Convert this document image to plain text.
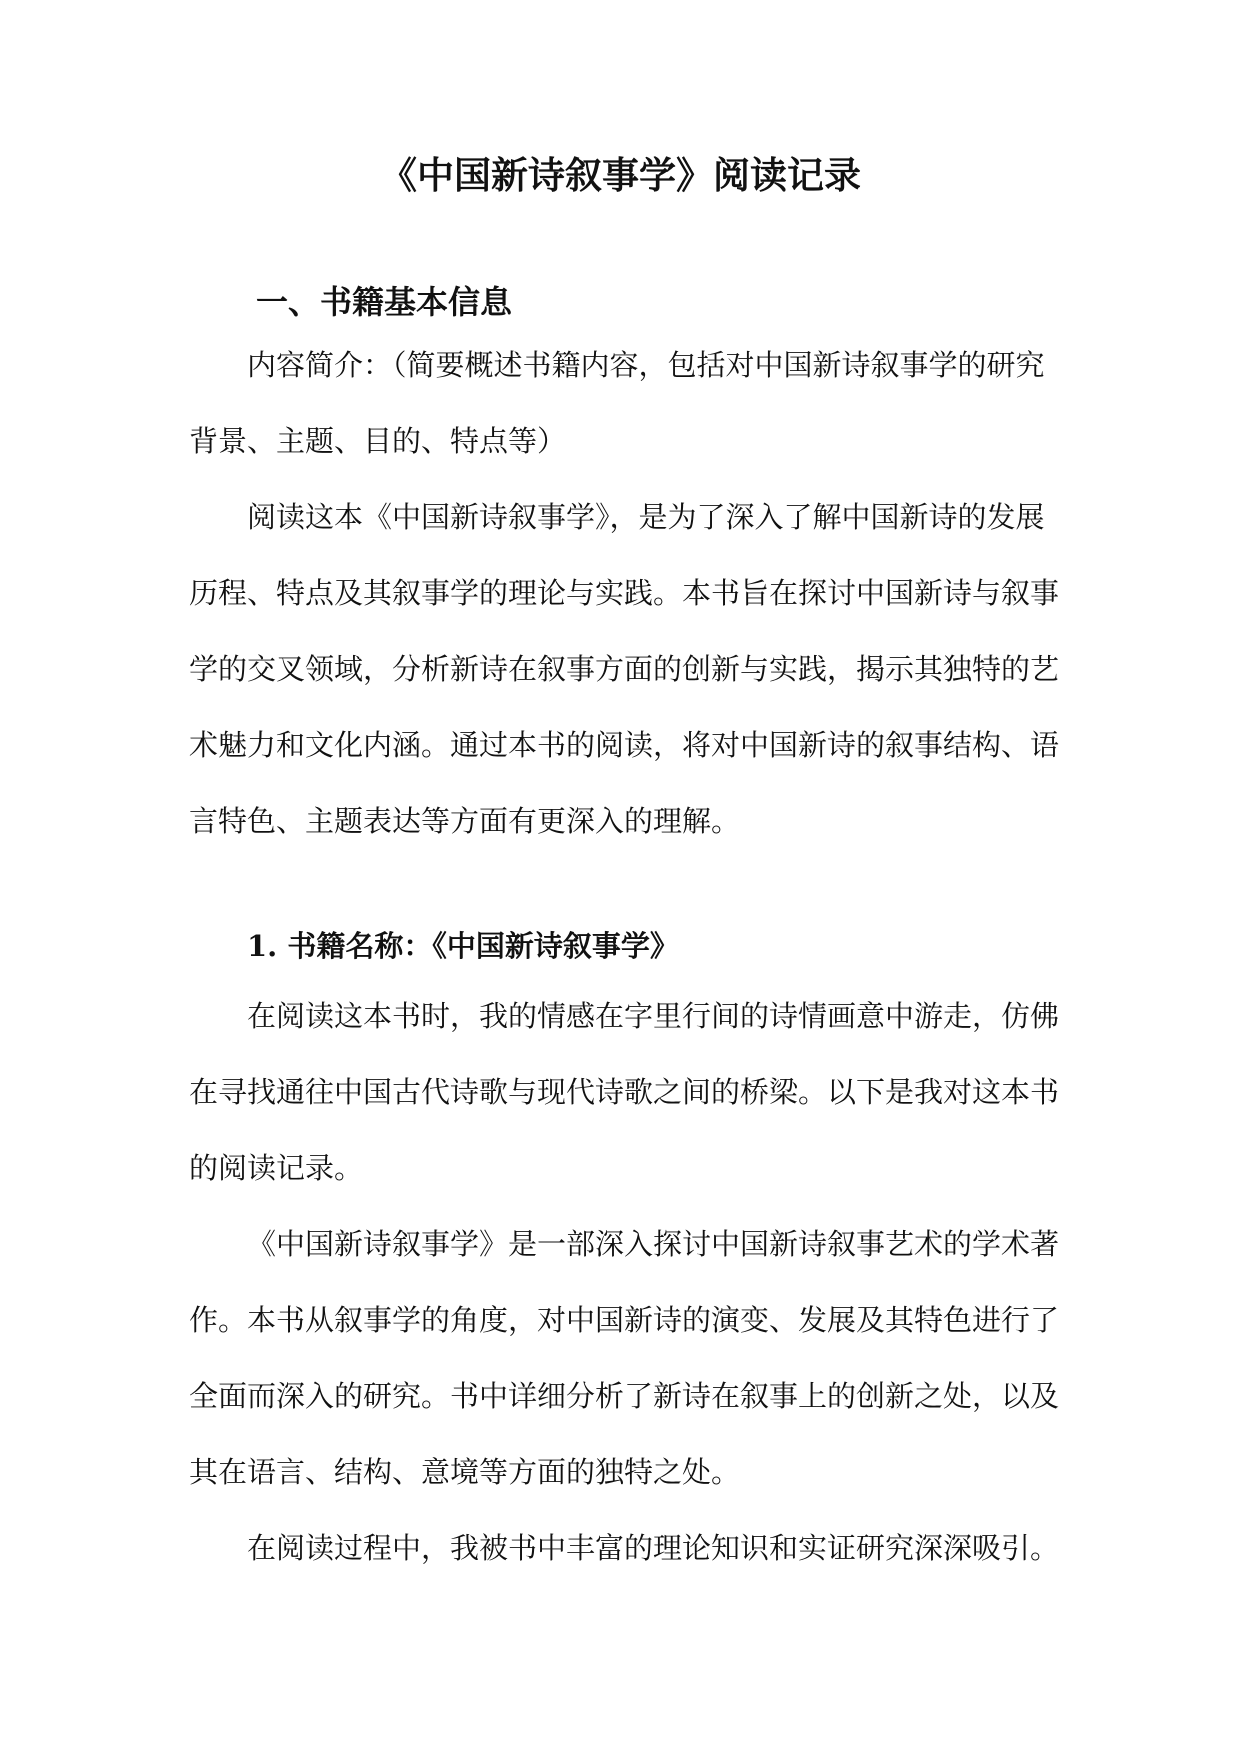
《中国新诗叙事学》阅读记录
一、书籍基本信息

内容简介：（简要概述书籍内容，包括对中国新诗叙事学的研究
背景、主题、目的、特点等）

阅读这本《中国新诗叙事学》，是为了深入了解中国新诗的发展
历程、特点及其叙事学的理论与实践。本书旨在探讨中国新诗与叙事
学的交叉领域，分析新诗在叙事方面的创新与实践，揭示其独特的艺
术魅力和文化内涵。通过本书的阅读，将对中国新诗的叙事结构、语
言特色、主题表达等方面有更深入的理解。

1. 书籍名称：《中国新诗叙事学》

在阅读这本书时，我的情感在字里行间的诗情画意中游走，仿佛
在寻找通往中国古代诗歌与现代诗歌之间的桥梁。以下是我对这本书
的阅读记录。

《中国新诗叙事学》是一部深入探讨中国新诗叙事艺术的学术著
作。本书从叙事学的角度，对中国新诗的演变、发展及其特色进行了
全面而深入的研究。书中详细分析了新诗在叙事上的创新之处，以及
其在语言、结构、意境等方面的独特之处。

在阅读过程中，我被书中丰富的理论知识和实证研究深深吸引。
